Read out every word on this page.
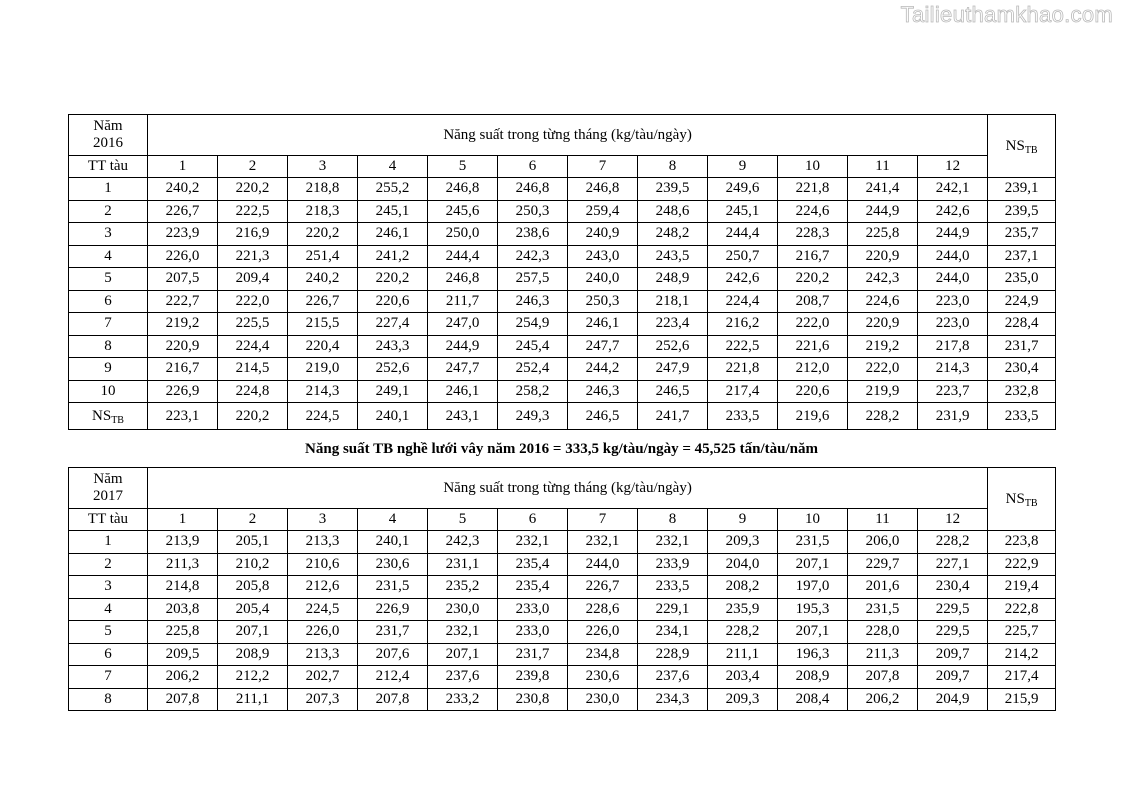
Tailieuthamkhao.com
Năm
2016	Năng suất trong từng tháng (kg/tàu/ngày)												$NS_{TB}$
TT tàu	1	2	3	4	5	6	7	8	9	10	11	12	
1	240,2	220,2	218,8	255,2	246,8	246,8	246,8	239,5	249,6	221,8	241,4	242,1	239,1
2	226,7	222,5	218,3	245,1	245,6	250,3	259,4	248,6	245,1	224,6	244,9	242,6	239,5
3	223,9	216,9	220,2	246,1	250,0	238,6	240,9	248,2	244,4	228,3	225,8	244,9	235,7
4	226,0	221,3	251,4	241,2	244,4	242,3	243,0	243,5	250,7	216,7	220,9	244,0	237,1
5	207,5	209,4	240,2	220,2	246,8	257,5	240,0	248,9	242,6	220,2	242,3	244,0	235,0
6	222,7	222,0	226,7	220,6	211,7	246,3	250,3	218,1	224,4	208,7	224,6	223,0	224,9
7	219,2	225,5	215,5	227,4	247,0	254,9	246,1	223,4	216,2	222,0	220,9	223,0	228,4
8	220,9	224,4	220,4	243,3	244,9	245,4	247,7	252,6	222,5	221,6	219,2	217,8	231,7
9	216,7	214,5	219,0	252,6	247,7	252,4	244,2	247,9	221,8	212,0	222,0	214,3	230,4
10	226,9	224,8	214,3	249,1	246,1	258,2	246,3	246,5	217,4	220,6	219,9	223,7	232,8
$NS_{TB}$	223,1	220,2	224,5	240,1	243,1	249,3	246,5	241,7	233,5	219,6	228,2	231,9	233,5
Năng suất TB nghề lưới vây năm 2016 = 333,5 kg/tàu/ngày = 45,525 tấn/tàu/năm
Năm
2017	Năng suất trong từng tháng (kg/tàu/ngày)												$NS_{TB}$
TT tàu	1	2	3	4	5	6	7	8	9	10	11	12	
1	213,9	205,1	213,3	240,1	242,3	232,1	232,1	232,1	209,3	231,5	206,0	228,2	223,8
2	211,3	210,2	210,6	230,6	231,1	235,4	244,0	233,9	204,0	207,1	229,7	227,1	222,9
3	214,8	205,8	212,6	231,5	235,2	235,4	226,7	233,5	208,2	197,0	201,6	230,4	219,4
4	203,8	205,4	224,5	226,9	230,0	233,0	228,6	229,1	235,9	195,3	231,5	229,5	222,8
5	225,8	207,1	226,0	231,7	232,1	233,0	226,0	234,1	228,2	207,1	228,0	229,5	225,7
6	209,5	208,9	213,3	207,6	207,1	231,7	234,8	228,9	211,1	196,3	211,3	209,7	214,2
7	206,2	212,2	202,7	212,4	237,6	239,8	230,6	237,6	203,4	208,9	207,8	209,7	217,4
8	207,8	211,1	207,3	207,8	233,2	230,8	230,0	234,3	209,3	208,4	206,2	204,9	215,9
